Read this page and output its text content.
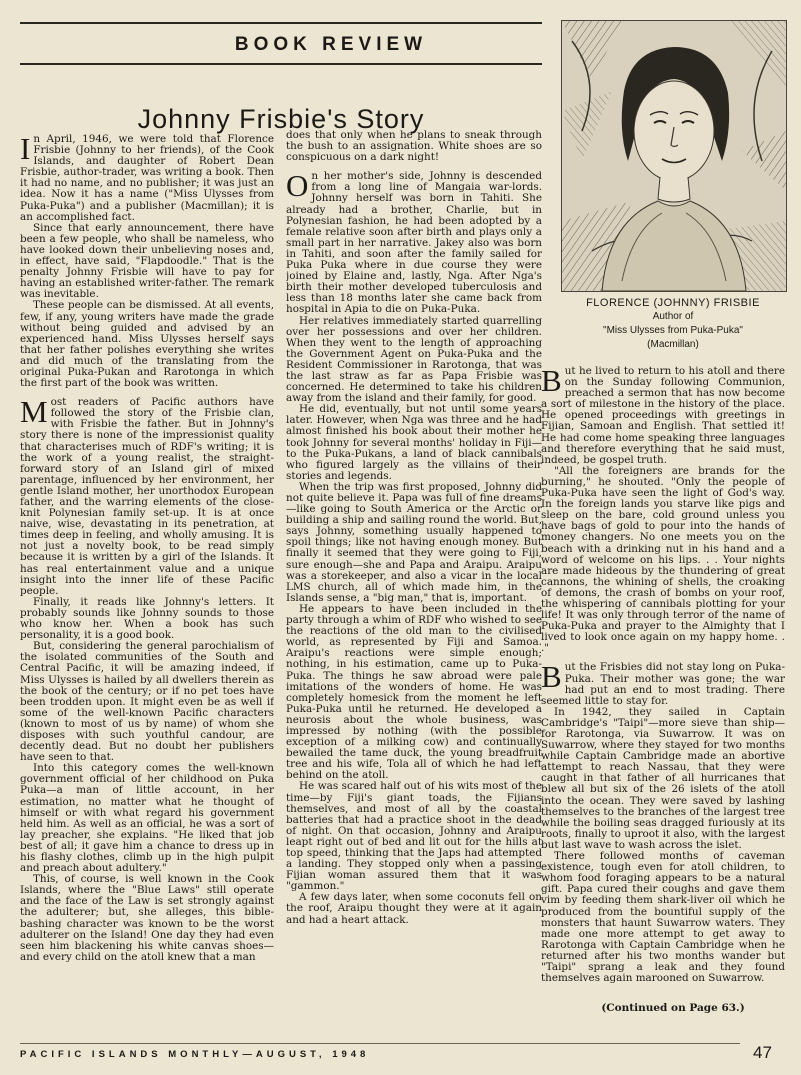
BOOK REVIEW
Johnny Frisbie's Story

In April, 1946, we were told that Florence Frisbie (Johnny to her friends), of the Cook Islands, and daughter of Robert Dean Frisbie, author-trader, was writing a book. Then it had no name, and no publisher; it was just an idea. Now it has a name ("Miss Ulysses from Puka-Puka") and a publisher (Macmillan); it is an accomplished fact.

Since that early announcement, there have been a few people, who shall be nameless, who have looked down their unbelieving noses and, in effect, have said, "Flapdoodle." That is the penalty Johnny Frisbie will have to pay for having an established writer-father. The remark was inevitable.

These people can be dismissed. At all events, few, if any, young writers have made the grade without being guided and advised by an experienced hand. Miss Ulysses herself says that her father polishes everything she writes and did much of the translating from the original Puka-Pukan and Rarotonga in which the first part of the book was written.

Most readers of Pacific authors have followed the story of the Frisbie clan, with Frisbie the father. But in Johnny's story there is none of the impressionist quality that characterises much of RDF's writing; it is the work of a young realist, the straight-forward story of an Island girl of mixed parentage, influenced by her environment, her gentle Island mother, her unorthodox European father, and the warring elements of the close-knit Polynesian family set-up. It is at once naive, wise, devastating in its penetration, at times deep in feeling, and wholly amusing. It is not just a novelty book, to be read simply because it is written by a girl of the Islands. It has real entertainment value and a unique insight into the inner life of these Pacific people.

Finally, it reads like Johnny's letters. It probably sounds like Johnny sounds to those who know her. When a book has such personality, it is a good book.

But, considering the general parochialism of the isolated communities of the South and Central Pacific, it will be amazing indeed, if Miss Ulysses is hailed by all dwellers therein as the book of the century; or if no pet toes have been trodden upon. It might even be as well if some of the well-known Pacific characters (known to most of us by name) of whom she disposes with such youthful candour, are decently dead. But no doubt her publishers have seen to that.

Into this category comes the well-known government official of her childhood on Puka Puka—a man of little account, in her estimation, no matter what he thought of himself or with what regard his government held him. As well as an official, he was a sort of lay preacher, she explains. "He liked that job best of all; it gave him a chance to dress up in his flashy clothes, climb up in the high pulpit and preach about adultery."

This, of course, is well known in the Cook Islands, where the "Blue Laws" still operate and the face of the Law is set strongly against the adulterer; but, she alleges, this bible-bashing character was known to be the worst adulterer on the Island! One day they had even seen him blackening his white canvas shoes—and every child on the atoll knew that a man

does that only when he plans to sneak through the bush to an assignation. White shoes are so conspicuous on a dark night!

On her mother's side, Johnny is descended from a long line of Mangaia war-lords. Johnny herself was born in Tahiti. She already had a brother, Charlie, but in Polynesian fashion, he had been adopted by a female relative soon after birth and plays only a small part in her narrative. Jakey also was born in Tahiti, and soon after the family sailed for Puka Puka where in due course they were joined by Elaine and, lastly, Nga. After Nga's birth their mother developed tuberculosis and less than 18 months later she came back from hospital in Apia to die on Puka-Puka.

Her relatives immediately started quarrelling over her possessions and over her children. When they went to the length of approaching the Government Agent on Puka-Puka and the Resident Commissioner in Rarotonga, that was the last straw as far as Papa Frisbie was concerned. He determined to take his children away from the island and their family, for good.

He did, eventually, but not until some years later. However, when Nga was three and he had almost finished his book about their mother he took Johnny for several months' holiday in Fiji—to the Puka-Pukans, a land of black cannibals who figured largely as the villains of their stories and legends.

When the trip was first proposed, Johnny did not quite believe it. Papa was full of fine dreams—like going to South America or the Arctic or building a ship and sailing round the world. But, says Johnny, something usually happened to spoil things; like not having enough money. But finally it seemed that they were going to Fiji, sure enough—she and Papa and Araipu. Araipu was a storekeeper, and also a vicar in the local LMS church, all of which made him, in the Islands sense, a "big man," that is, important.

He appears to have been included in the party through a whim of RDF who wished to see the reactions of the old man to the civilised world, as represented by Fiji and Samoa. Araipu's reactions were simple enough; nothing, in his estimation, came up to Puka-Puka. The things he saw abroad were pale imitations of the wonders of home. He was completely homesick from the moment he left Puka-Puka until he returned. He developed a neurosis about the whole business, was impressed by nothing (with the possible exception of a milking cow) and continually bewailed the tame duck, the young breadfruit tree and his wife, Tola all of which he had left behind on the atoll.

He was scared half out of his wits most of the time—by Fiji's giant toads, the Fijians themselves, and most of all by the coastal batteries that had a practice shoot in the dead of night. On that occasion, Johnny and Araipu leapt right out of bed and lit out for the hills at top speed, thinking that the Japs had attempted a landing. They stopped only when a passing Fijian woman assured them that it was "gammon."

A few days later, when some coconuts fell on the roof, Araipu thought they were at it again and had a heart attack.

FLORENCE (JOHNNY) FRISBIE
Author of
"Miss Ulysses from Puka-Puka"
(Macmillan)

But he lived to return to his atoll and there on the Sunday following Communion, preached a sermon that has now become a sort of milestone in the history of the place. He opened proceedings with greetings in Fijian, Samoan and English. That settled it! He had come home speaking three languages and therefore everything that he said must, indeed, be gospel truth.

"All the foreigners are brands for the burning," he shouted. "Only the people of Puka-Puka have seen the light of God's way. In the foreign lands you starve like pigs and sleep on the bare, cold ground unless you have bags of gold to pour into the hands of money changers. No one meets you on the beach with a drinking nut in his hand and a word of welcome on his lips. . . Your nights are made hideous by the thundering of great cannons, the whining of shells, the croaking of demons, the crash of bombs on your roof, the whispering of cannibals plotting for your life! It was only through terror of the name of Puka-Puka and prayer to the Almighty that I lived to look once again on my happy home. . ."

But the Frisbies did not stay long on Puka-Puka. Their mother was gone; the war had put an end to most trading. There seemed little to stay for.

In 1942, they sailed in Captain Cambridge's "Taipi"—more sieve than ship—for Rarotonga, via Suwarrow. It was on Suwarrow, where they stayed for two months while Captain Cambridge made an abortive attempt to reach Nassau, that they were caught in that father of all hurricanes that blew all but six of the 26 islets of the atoll into the ocean. They were saved by lashing themselves to the branches of the largest tree while the boiling seas dragged furiously at its roots, finally to uproot it also, with the largest but last wave to wash across the islet.

There followed months of caveman existence, tough even for atoll children, to whom food foraging appears to be a natural gift. Papa cured their coughs and gave them vim by feeding them shark-liver oil which he produced from the bountiful supply of the monsters that haunt Suwarrow waters. They made one more attempt to get away to Rarotonga with Captain Cambridge when he returned after his two months wander but "Taipi" sprang a leak and they found themselves again marooned on Suwarrow.

(Continued on Page 63.)
PACIFIC ISLANDS MONTHLY—AUGUST, 1948	47
